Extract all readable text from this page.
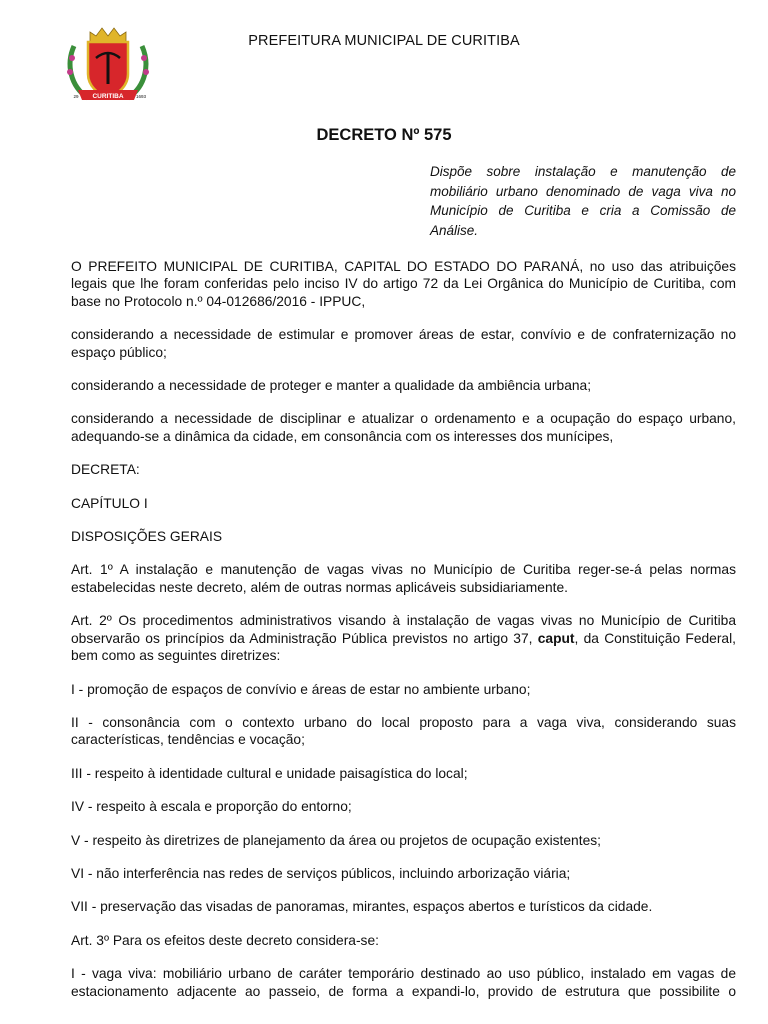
CURITIBA
29	1693
PREFEITURA MUNICIPAL DE CURITIBA
DECRETO Nº 575
Dispõe sobre instalação e manutenção de mobiliário urbano denominado de vaga viva no Município de Curitiba e cria a Comissão de Análise.

O PREFEITO MUNICIPAL DE CURITIBA, CAPITAL DO ESTADO DO PARANÁ, no uso das atribuições legais que lhe foram conferidas pelo inciso IV do artigo 72 da Lei Orgânica do Município de Curitiba, com base no Protocolo n.º 04-012686/2016 - IPPUC,

considerando a necessidade de estimular e promover áreas de estar, convívio e de confraternização no espaço público;

considerando a necessidade de proteger e manter a qualidade da ambiência urbana;

considerando a necessidade de disciplinar e atualizar o ordenamento e a ocupação do espaço urbano, adequando-se a dinâmica da cidade, em consonância com os interesses dos munícipes,

DECRETA:

CAPÍTULO I

DISPOSIÇÕES GERAIS

Art. 1º A instalação e manutenção de vagas vivas no Município de Curitiba reger-se-á pelas normas estabelecidas neste decreto, além de outras normas aplicáveis subsidiariamente.

Art. 2º Os procedimentos administrativos visando à instalação de vagas vivas no Município de Curitiba observarão os princípios da Administração Pública previstos no artigo 37, caput, da Constituição Federal, bem como as seguintes diretrizes:

I - promoção de espaços de convívio e áreas de estar no ambiente urbano;

II - consonância com o contexto urbano do local proposto para a vaga viva, considerando suas características, tendências e vocação;

III - respeito à identidade cultural e unidade paisagística do local;

IV - respeito à escala e proporção do entorno;

V - respeito às diretrizes de planejamento da área ou projetos de ocupação existentes;

VI - não interferência nas redes de serviços públicos, incluindo arborização viária;

VII - preservação das visadas de panoramas, mirantes, espaços abertos e turísticos da cidade.

Art. 3º Para os efeitos deste decreto considera-se:

I - vaga viva: mobiliário urbano de caráter temporário destinado ao uso público, instalado em vagas de estacionamento adjacente ao passeio, de forma a expandi-lo, provido de estrutura que possibilite o
